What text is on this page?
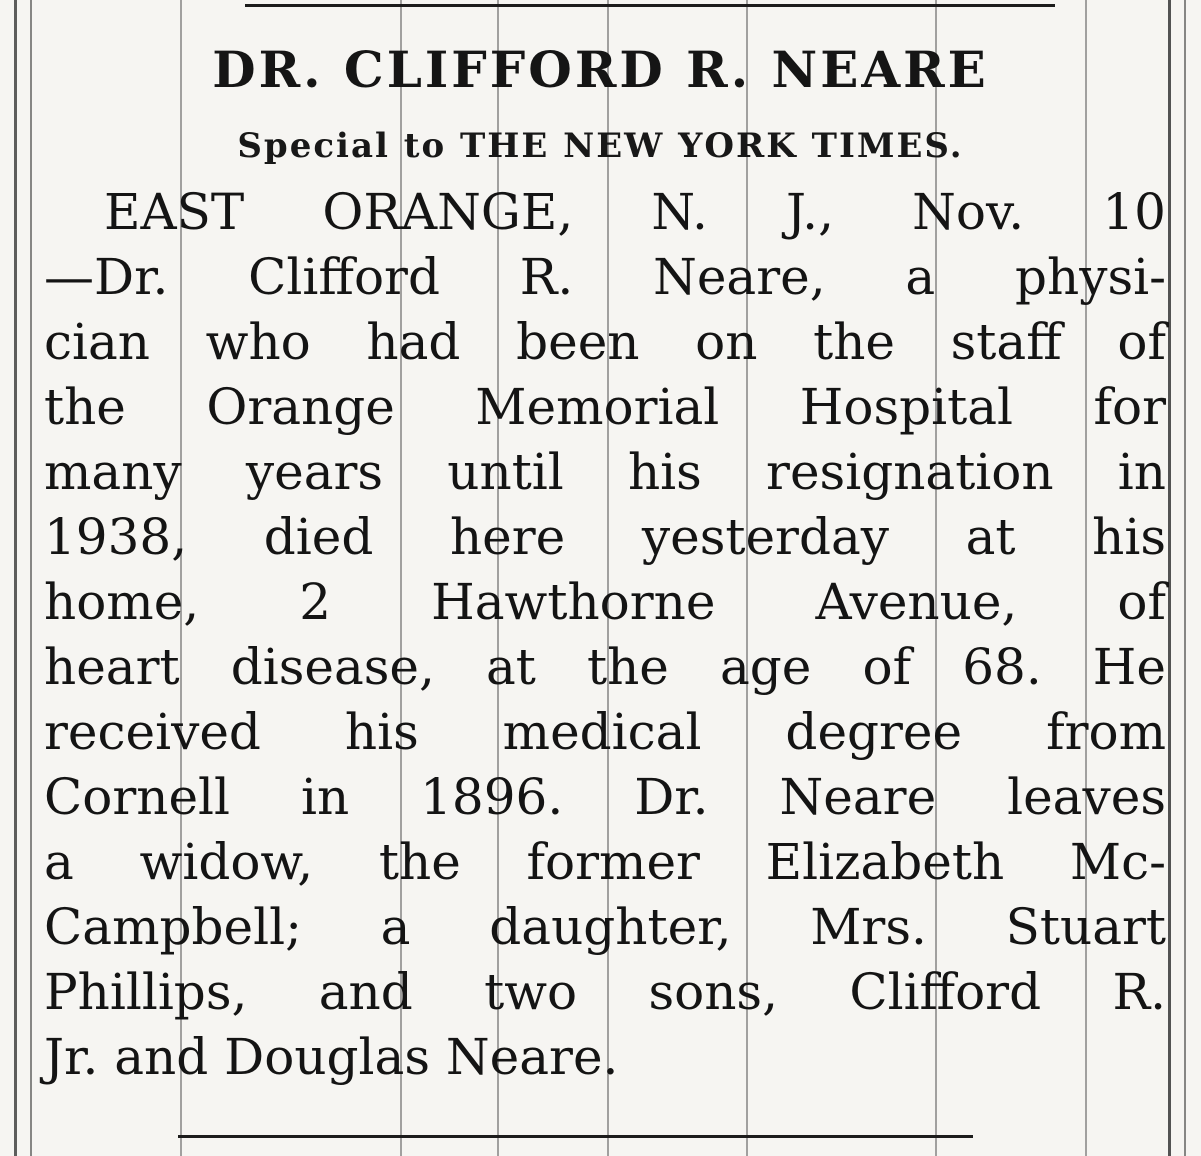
DR. CLIFFORD R. NEARE
Special to THE NEW YORK TIMES.
EAST ORANGE, N. J., Nov. 10
—Dr. Clifford R. Neare, a physi-
cian who had been on the staff of
the Orange Memorial Hospital for
many years until his resignation in
1938, died here yesterday at his
home, 2 Hawthorne Avenue, of
heart disease, at the age of 68. He
received his medical degree from
Cornell in 1896. Dr. Neare leaves
a widow, the former Elizabeth Mc-
Campbell; a daughter, Mrs. Stuart
Phillips, and two sons, Clifford R.
Jr. and Douglas Neare.
